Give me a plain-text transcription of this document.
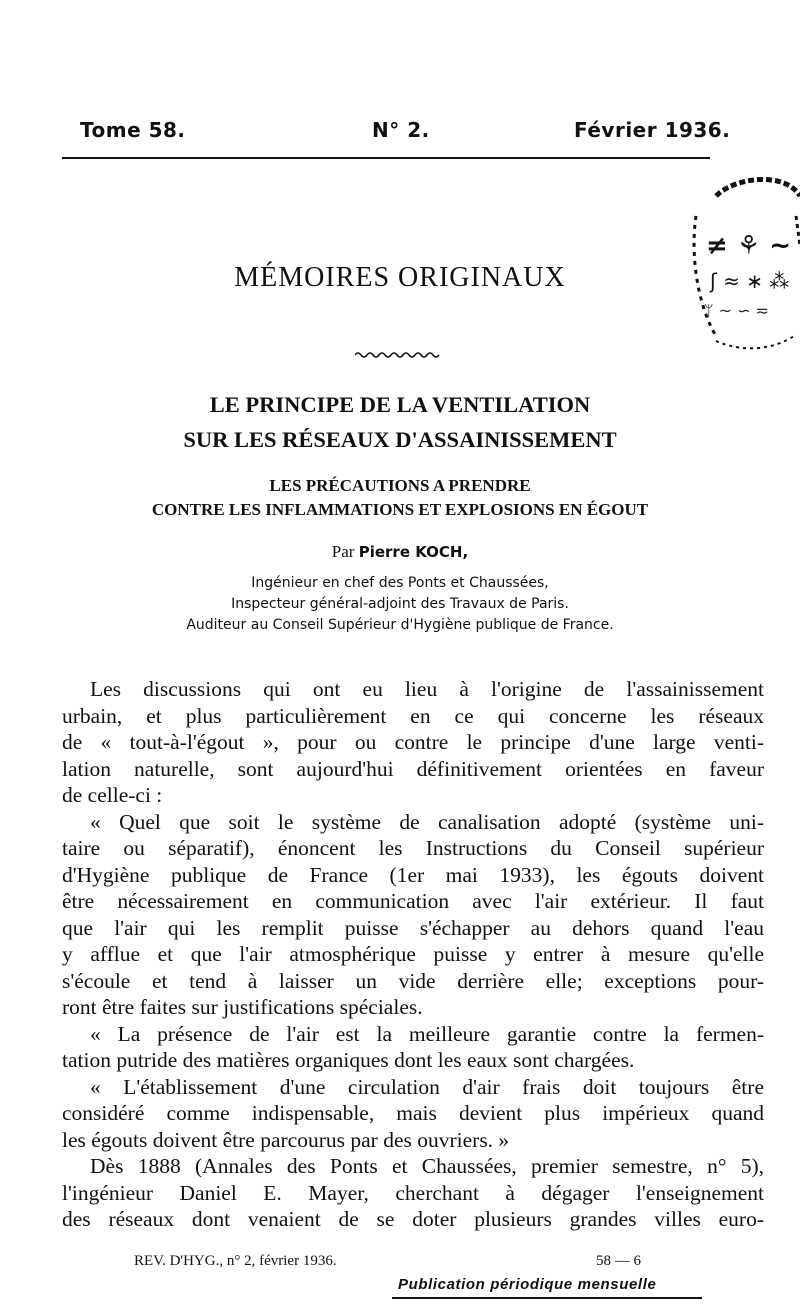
Tome 58.	N° 2.	Février 1936.
≠ ⚘ ~
ʃ ≈ ∗ ⁂
ᛘ ~ ∽ ≂
MÉMOIRES ORIGINAUX
LE PRINCIPE DE LA VENTILATION
SUR LES RÉSEAUX D'ASSAINISSEMENT
LES PRÉCAUTIONS A PRENDRE
CONTRE LES INFLAMMATIONS ET EXPLOSIONS EN ÉGOUT
Par Pierre KOCH,
Ingénieur en chef des Ponts et Chaussées,
Inspecteur général-adjoint des Travaux de Paris.
Auditeur au Conseil Supérieur d'Hygiène publique de France.

Les discussions qui ont eu lieu à l'origine de l'assainissement

urbain, et plus particulièrement en ce qui concerne les réseaux

de « tout-à-l'égout », pour ou contre le principe d'une large venti-

lation naturelle, sont aujourd'hui définitivement orientées en faveur

de celle-ci :

« Quel que soit le système de canalisation adopté (système uni-

taire ou séparatif), énoncent les Instructions du Conseil supérieur

d'Hygiène publique de France (1er mai 1933), les égouts doivent

être nécessairement en communication avec l'air extérieur. Il faut

que l'air qui les remplit puisse s'échapper au dehors quand l'eau

y afflue et que l'air atmosphérique puisse y entrer à mesure qu'elle

s'écoule et tend à laisser un vide derrière elle; exceptions pour-

ront être faites sur justifications spéciales.

« La présence de l'air est la meilleure garantie contre la fermen-

tation putride des matières organiques dont les eaux sont chargées.

« L'établissement d'une circulation d'air frais doit toujours être

considéré comme indispensable, mais devient plus impérieux quand

les égouts doivent être parcourus par des ouvriers. »

Dès 1888 (Annales des Ponts et Chaussées, premier semestre, n° 5),

l'ingénieur Daniel E. Mayer, cherchant à dégager l'enseignement

des réseaux dont venaient de se doter plusieurs grandes villes euro-

REV. D'HYG., n° 2, février 1936.	58 — 6
Publication périodique mensuelle
